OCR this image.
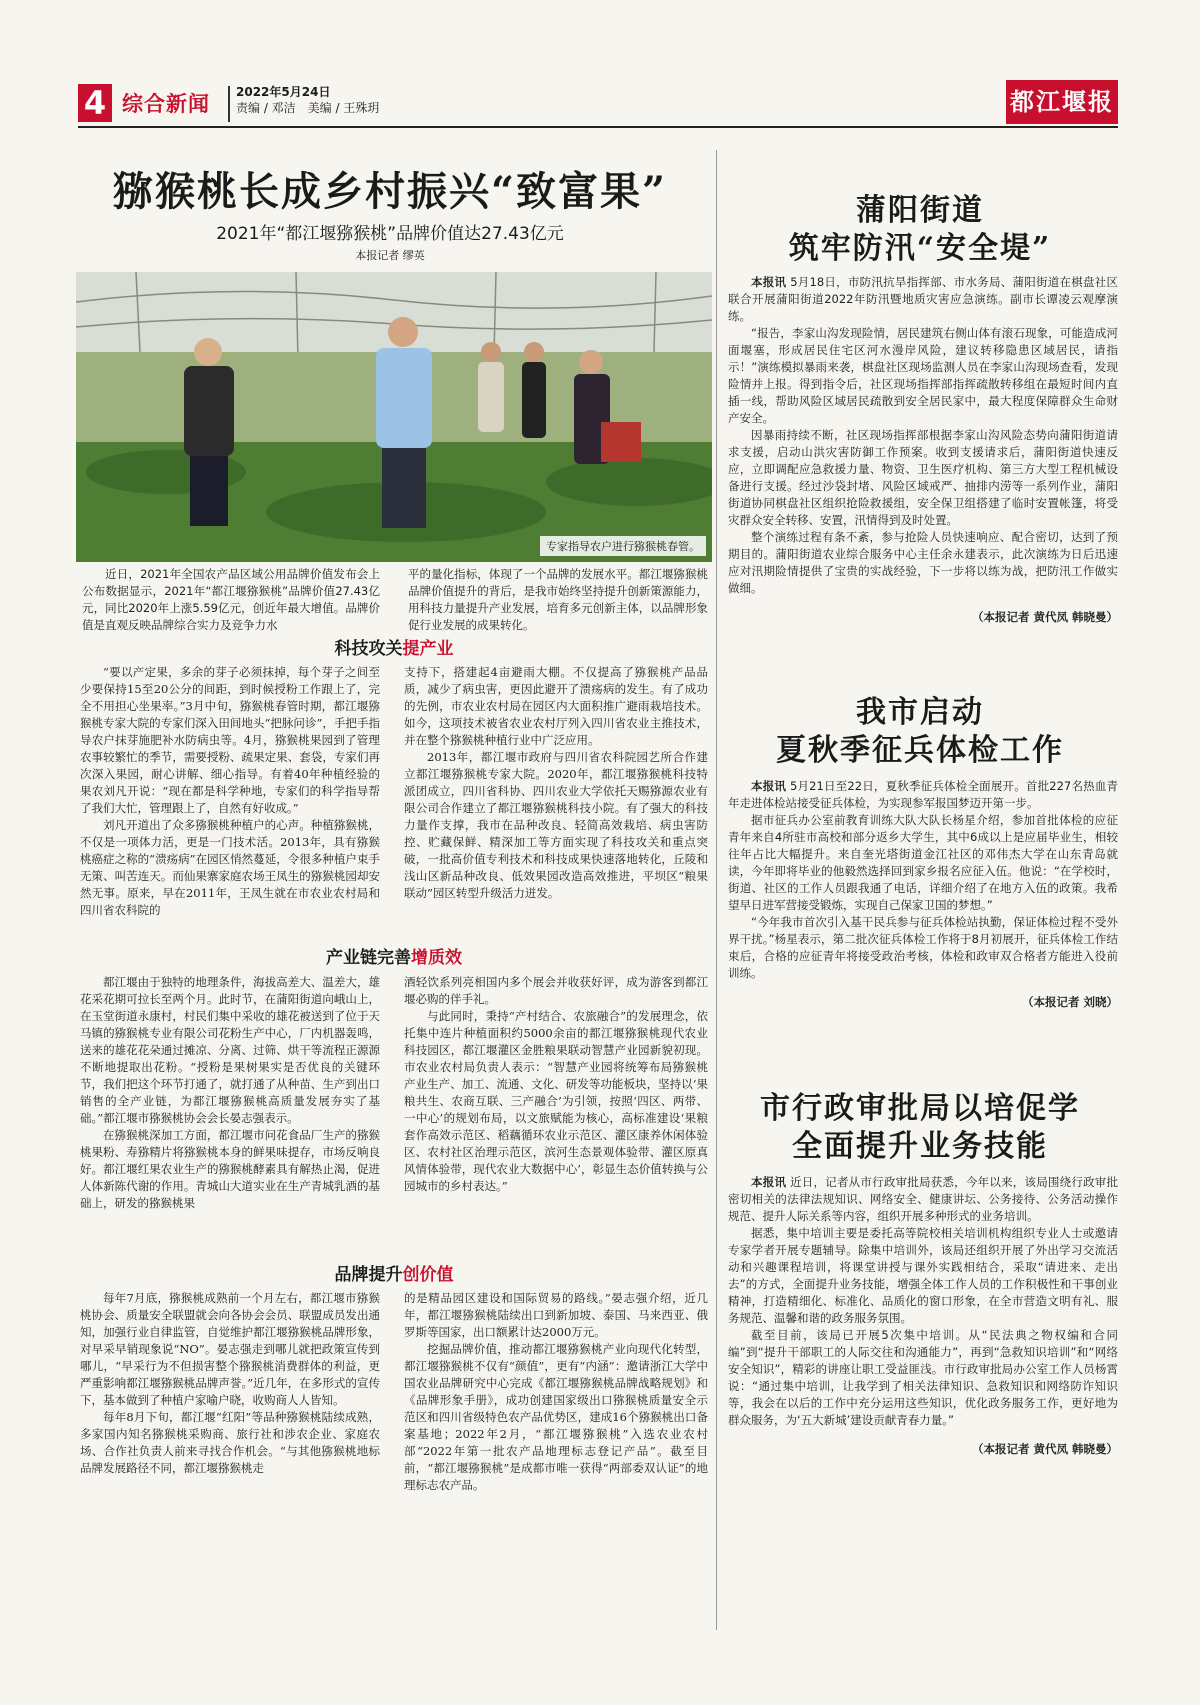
4 综合新闻 2022年5月24日
责编 / 邓洁　美编 / 王殊玥	都江堰报
猕猴桃长成乡村振兴“致富果”
2021年“都江堰猕猴桃”品牌价值达27.43亿元
本报记者 缪英
专家指导农户进行猕猴桃春管。

近日，2021年全国农产品区域公用品牌价值发布会上公布数据显示，2021年“都江堰猕猴桃”品牌价值27.43亿元，同比2020年上涨5.59亿元，创近年最大增值。品牌价值是直观反映品牌综合实力及竞争力水

平的量化指标，体现了一个品牌的发展水平。都江堰猕猴桃品牌价值提升的背后，是我市始终坚持提升创新策源能力，用科技力量提升产业发展，培育多元创新主体，以品牌形象促行业发展的成果转化。

科技攻关提产业

“要以产定果，多余的芽子必须抹掉，每个芽子之间至少要保持15至20公分的间距，到时候授粉工作跟上了，完全不用担心坐果率。”3月中旬，猕猴桃春管时期，都江堰猕猴桃专家大院的专家们深入田间地头“把脉问诊”，手把手指导农户抹芽施肥补水防病虫等。4月，猕猴桃果园到了管理农事较繁忙的季节，需要授粉、疏果定果、套袋，专家们再次深入果园，耐心讲解、细心指导。有着40年种植经验的果农刘凡开说：“现在都是科学种地，专家们的科学指导帮了我们大忙，管理跟上了，自然有好收成。”

刘凡开道出了众多猕猴桃种植户的心声。种植猕猴桃，不仅是一项体力活，更是一门技术活。2013年，具有猕猴桃癌症之称的“溃疡病”在园区悄然蔓延，令很多种植户束手无策、叫苦连天。而仙果寨家庭农场王凤生的猕猴桃园却安然无事。原来，早在2011年，王凤生就在市农业农村局和四川省农科院的

支持下，搭建起4亩避雨大棚。不仅提高了猕猴桃产品品质，减少了病虫害，更因此避开了溃疡病的发生。有了成功的先例，市农业农村局在园区内大面积推广避雨栽培技术。如今，这项技术被省农业农村厅列入四川省农业主推技术，并在整个猕猴桃种植行业中广泛应用。

2013年，都江堰市政府与四川省农科院园艺所合作建立都江堰猕猴桃专家大院。2020年，都江堰猕猴桃科技特派团成立，四川省科协、四川农业大学依托天赐猕源农业有限公司合作建立了都江堰猕猴桃科技小院。有了强大的科技力量作支撑，我市在品种改良、轻简高效栽培、病虫害防控、贮藏保鲜、精深加工等方面实现了科技攻关和重点突破，一批高价值专利技术和科技成果快速落地转化，丘陵和浅山区新品种改良、低效果园改造高效推进，平坝区“粮果联动”园区转型升级活力迸发。

产业链完善增质效

都江堰由于独特的地理条件，海拔高差大、温差大，雄花采花期可拉长至两个月。此时节，在蒲阳街道向峨山上，在玉堂街道永康村，村民们集中采收的雄花被送到了位于天马镇的猕猴桃专业有限公司花粉生产中心，厂内机器轰鸣，送来的雄花花朵通过摊凉、分离、过筛、烘干等流程正源源不断地提取出花粉。“授粉是果树果实是否优良的关键环节，我们把这个环节打通了，就打通了从种苗、生产到出口销售的全产业链，为都江堰猕猴桃高质量发展夯实了基础。”都江堰市猕猴桃协会会长晏志强表示。

在猕猴桃深加工方面，都江堰市问花食品厂生产的猕猴桃果粉、寿猕精片将猕猴桃本身的鲜果味提存，市场反响良好。都江堰红果农业生产的猕猴桃酵素具有解热止渴，促进人体新陈代谢的作用。青城山大道实业在生产青城乳酒的基础上，研发的猕猴桃果

酒轻饮系列亮相国内多个展会并收获好评，成为游客到都江堰必购的伴手礼。

与此同时，秉持“产村结合、农旅融合”的发展理念，依托集中连片种植面积约5000余亩的都江堰猕猴桃现代农业科技园区，都江堰灌区金胜粮果联动智慧产业园新貌初现。市农业农村局负责人表示：“智慧产业园将统筹布局猕猴桃产业生产、加工、流通、文化、研发等功能板块，坚持以‘果粮共生、农商互联、三产融合’为引领，按照‘四区、两带、一中心’的规划布局，以文旅赋能为核心，高标准建设‘果粮套作高效示范区、稻藕循环农业示范区、灌区康养休闲体验区、农村社区治理示范区，滨河生态景观体验带、灌区原真风情体验带，现代农业大数据中心’，彰显生态价值转换与公园城市的乡村表达。”

品牌提升创价值

每年7月底，猕猴桃成熟前一个月左右，都江堰市猕猴桃协会、质量安全联盟就会向各协会会员、联盟成员发出通知，加强行业自律监管，自觉维护都江堰猕猴桃品牌形象，对早采早销现象说“NO”。晏志强走到哪儿就把政策宣传到哪儿，“早采行为不但损害整个猕猴桃消费群体的利益，更严重影响都江堰猕猴桃品牌声誉。”近几年，在多形式的宣传下，基本做到了种植户家喻户晓，收购商人人皆知。

每年8月下旬，都江堰“红阳”等品种猕猴桃陆续成熟，多家国内知名猕猴桃采购商、旅行社和涉农企业、家庭农场、合作社负责人前来寻找合作机会。“与其他猕猴桃地标品牌发展路径不同，都江堰猕猴桃走

的是精品园区建设和国际贸易的路线。”晏志强介绍，近几年，都江堰猕猴桃陆续出口到新加坡、泰国、马来西亚、俄罗斯等国家，出口额累计达2000万元。

挖掘品牌价值，推动都江堰猕猴桃产业向现代化转型，都江堰猕猴桃不仅有“颜值”，更有“内涵”：邀请浙江大学中国农业品牌研究中心完成《都江堰猕猴桃品牌战略规划》和《品牌形象手册》，成功创建国家级出口猕猴桃质量安全示范区和四川省级特色农产品优势区，建成16个猕猴桃出口备案基地；2022年2月，“都江堰猕猴桃”入选农业农村部“2022年第一批农产品地理标志登记产品”。截至目前，“都江堰猕猴桃”是成都市唯一获得“两部委双认证”的地理标志农产品。

蒲阳街道
筑牢防汛“安全堤”

本报讯 5月18日，市防汛抗旱指挥部、市水务局、蒲阳街道在棋盘社区联合开展蒲阳街道2022年防汛暨地质灾害应急演练。副市长谭凌云观摩演练。

“报告，李家山沟发现险情，居民建筑右侧山体有滚石现象，可能造成河面堰塞，形成居民住宅区河水漫岸风险，建议转移隐患区域居民，请指示！”演练模拟暴雨来袭，棋盘社区现场监测人员在李家山沟现场查看，发现险情并上报。得到指令后，社区现场指挥部指挥疏散转移组在最短时间内直插一线，帮助风险区域居民疏散到安全居民家中，最大程度保障群众生命财产安全。

因暴雨持续不断，社区现场指挥部根据李家山沟风险态势向蒲阳街道请求支援，启动山洪灾害防御工作预案。收到支援请求后，蒲阳街道快速反应，立即调配应急救援力量、物资、卫生医疗机构、第三方大型工程机械设备进行支援。经过沙袋封堵、风险区域戒严、抽排内涝等一系列作业，蒲阳街道协同棋盘社区组织抢险救援组，安全保卫组搭建了临时安置帐篷，将受灾群众安全转移、安置，汛情得到及时处置。

整个演练过程有条不紊，参与抢险人员快速响应、配合密切，达到了预期目的。蒲阳街道农业综合服务中心主任余永建表示，此次演练为日后迅速应对汛期险情提供了宝贵的实战经验，下一步将以练为战，把防汛工作做实做细。

（本报记者 黄代凤 韩晓曼）

我市启动
夏秋季征兵体检工作

本报讯 5月21日至22日，夏秋季征兵体检全面展开。首批227名热血青年走进体检站接受征兵体检，为实现参军报国梦迈开第一步。

据市征兵办公室前教育训练大队大队长杨星介绍，参加首批体检的应征青年来自4所驻市高校和部分返乡大学生，其中6成以上是应届毕业生，相较往年占比大幅提升。来自奎光塔街道金江社区的邓伟杰大学在山东青岛就读，今年即将毕业的他毅然选择回到家乡报名应征入伍。他说：“在学校时，街道、社区的工作人员跟我通了电话，详细介绍了在地方入伍的政策。我希望早日进军营接受锻炼，实现自己保家卫国的梦想。”

“今年我市首次引入基干民兵参与征兵体检站执勤，保证体检过程不受外界干扰。”杨星表示，第二批次征兵体检工作将于8月初展开，征兵体检工作结束后，合格的应征青年将接受政治考核，体检和政审双合格者方能进入役前训练。

（本报记者 刘晓）

市行政审批局以培促学
全面提升业务技能

本报讯 近日，记者从市行政审批局获悉，今年以来，该局围绕行政审批密切相关的法律法规知识、网络安全、健康讲坛、公务接待、公务活动操作规范、提升人际关系等内容，组织开展多种形式的业务培训。

据悉，集中培训主要是委托高等院校相关培训机构组织专业人士或邀请专家学者开展专题辅导。除集中培训外，该局还组织开展了外出学习交流活动和兴趣课程培训，将课堂讲授与课外实践相结合，采取“请进来、走出去”的方式，全面提升业务技能，增强全体工作人员的工作积极性和干事创业精神，打造精细化、标准化、品质化的窗口形象，在全市营造文明有礼、服务规范、温馨和谐的政务服务氛围。

截至目前，该局已开展5次集中培训。从“民法典之物权编和合同编”到“提升干部职工的人际交往和沟通能力”，再到“急救知识培训”和“网络安全知识”，精彩的讲座让职工受益匪浅。市行政审批局办公室工作人员杨霄说：“通过集中培训，让我学到了相关法律知识、急救知识和网络防诈知识等，我会在以后的工作中充分运用这些知识，优化政务服务工作，更好地为群众服务，为‘五大新城’建设贡献青春力量。”

（本报记者 黄代凤 韩晓曼）
